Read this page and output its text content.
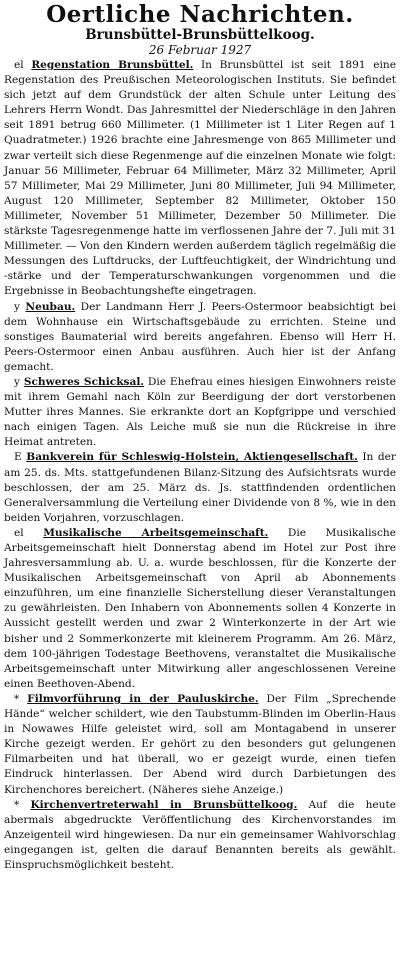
Oertliche Nachrichten.
Brunsbüttel-Brunsbüttelkoog.
26 Februar 1927

el Regenstation Brunsbüttel. In Brunsbüttel ist seit 1891 eine Regenstation des Preußischen Meteorologischen Instituts. Sie befindet sich jetzt auf dem Grundstück der alten Schule unter Leitung des Lehrers Herrn Wondt. Das Jahresmittel der Niederschläge in den Jahren seit 1891 betrug 660 Millimeter. (1 Millimeter ist 1 Liter Regen auf 1 Quadratmeter.) 1926 brachte eine Jahresmenge von 865 Millimeter und zwar verteilt sich diese Regenmenge auf die einzelnen Monate wie folgt: Januar 56 Millimeter, Februar 64 Millimeter, März 32 Millimeter, April 57 Millimeter, Mai 29 Millimeter, Juni 80 Millimeter, Juli 94 Millimeter, August 120 Millimeter, September 82 Millimeter, Oktober 150 Millimeter, November 51 Millimeter, Dezember 50 Millimeter. Die stärkste Tagesregenmenge hatte im verflossenen Jahre der 7. Juli mit 31 Millimeter. — Von den Kindern werden außerdem täglich regelmäßig die Messungen des Luftdrucks, der Luftfeuchtigkeit, der Windrichtung und -stärke und der Temperaturschwankungen vorgenommen und die Ergebnisse in Beobachtungshefte eingetragen.

y Neubau. Der Landmann Herr J. Peers-Ostermoor beabsichtigt bei dem Wohnhause ein Wirtschaftsgebäude zu errichten. Steine und sonstiges Baumaterial wird bereits angefahren. Ebenso will Herr H. Peers-Ostermoor einen Anbau ausführen. Auch hier ist der Anfang gemacht.

y Schweres Schicksal. Die Ehefrau eines hiesigen Einwohners reiste mit ihrem Gemahl nach Köln zur Beerdigung der dort verstorbenen Mutter ihres Mannes. Sie erkrankte dort an Kopfgrippe und verschied nach einigen Tagen. Als Leiche muß sie nun die Rückreise in ihre Heimat antreten.

E Bankverein für Schleswig-Holstein, Aktiengesellschaft. In der am 25. ds. Mts. stattgefundenen Bilanz-Sitzung des Aufsichtsrats wurde beschlossen, der am 25. März ds. Js. stattfindenden ordentlichen Generalversammlung die Verteilung einer Dividende von 8 %, wie in den beiden Vorjahren, vorzuschlagen.

el Musikalische Arbeitsgemeinschaft. Die Musikalische Arbeitsgemeinschaft hielt Donnerstag abend im Hotel zur Post ihre Jahresversammlung ab. U. a. wurde beschlossen, für die Konzerte der Musikalischen Arbeitsgemeinschaft von April ab Abonnements einzuführen, um eine finanzielle Sicherstellung dieser Veranstaltungen zu gewährleisten. Den Inhabern von Abonnements sollen 4 Konzerte in Aussicht gestellt werden und zwar 2 Winterkonzerte in der Art wie bisher und 2 Sommerkonzerte mit kleinerem Programm. Am 26. März, dem 100-jährigen Todestage Beethovens, veranstaltet die Musikalische Arbeitsgemeinschaft unter Mitwirkung aller angeschlossenen Vereine einen Beethoven-Abend.

* Filmvorführung in der Pauluskirche. Der Film „Sprechende Hände“ welcher schildert, wie den Taubstumm-Blinden im Oberlin-Haus in Nowawes Hilfe geleistet wird, soll am Montagabend in unserer Kirche gezeigt werden. Er gehört zu den besonders gut gelungenen Filmarbeiten und hat überall, wo er gezeigt wurde, einen tiefen Eindruck hinterlassen. Der Abend wird durch Darbietungen des Kirchenchores bereichert. (Näheres siehe Anzeige.)

* Kirchenvertreterwahl in Brunsbüttelkoog. Auf die heute abermals abgedruckte Veröffentlichung des Kirchenvorstandes im Anzeigenteil wird hingewiesen. Da nur ein gemeinsamer Wahlvorschlag eingegangen ist, gelten die darauf Benannten bereits als gewählt. Einspruchsmöglichkeit besteht.
